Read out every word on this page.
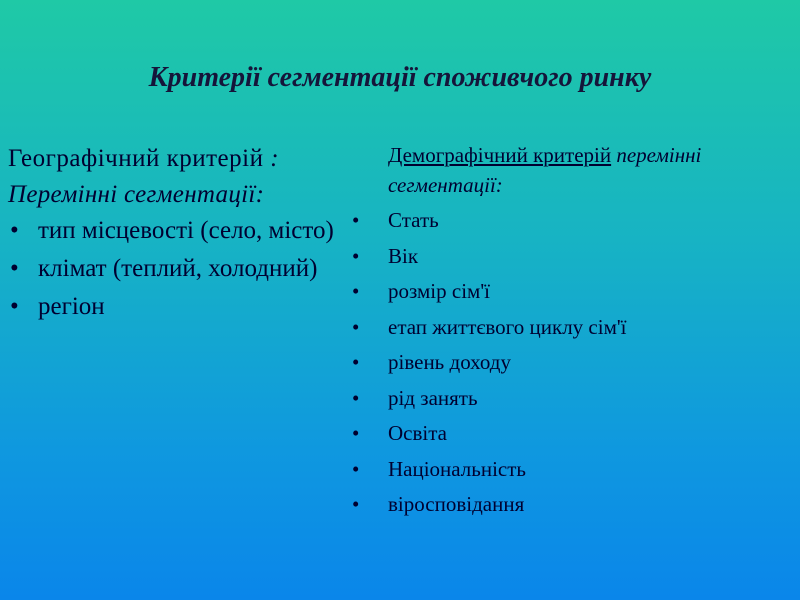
Критерії сегментації споживчого ринку
Географічний критерій :
Перемінні сегментації:
• тип місцевості (село, місто)
• клімат (теплий, холодний)
• регіон
Демографічний критерій перемінні сегментації:
• Стать
• Вік
• розмір сім'ї
• етап життєвого циклу сім'ї
• рівень доходу
• рід занять
• Освіта
• Національність
• віросповідання
